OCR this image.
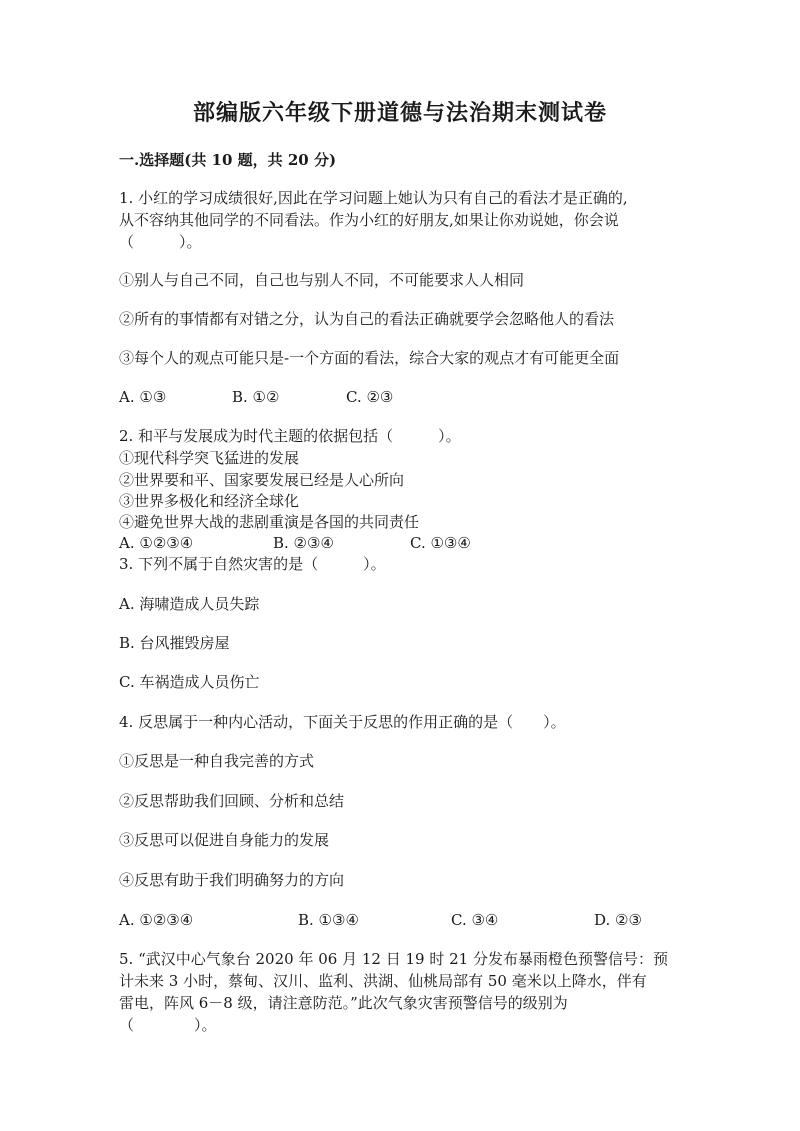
部编版六年级下册道德与法治期末测试卷
一.选择题(共 10 题，共 20 分)
1. 小红的学习成绩很好,因此在学习问题上她认为只有自己的看法才是正确的,
从不容纳其他同学的不同看法。作为小红的好朋友,如果让你劝说她，你会说
（　　　）。
①别人与自己不同，自己也与别人不同，不可能要求人人相同
②所有的事情都有对错之分，认为自己的看法正确就要学会忽略他人的看法
③每个人的观点可能只是-一个方面的看法，综合大家的观点才有可能更全面
A. ①③	B. ①②	C. ②③
2. 和平与发展成为时代主题的依据包括（　　　）。
①现代科学突飞猛进的发展
②世界要和平、国家要发展已经是人心所向
③世界多极化和经济全球化
④避免世界大战的悲剧重演是各国的共同责任
A. ①②③④	B. ②③④	C. ①③④
3. 下列不属于自然灾害的是（　　　）。
A. 海啸造成人员失踪
B. 台风摧毁房屋
C. 车祸造成人员伤亡
4. 反思属于一种内心活动，下面关于反思的作用正确的是（　　）。
①反思是一种自我完善的方式
②反思帮助我们回顾、分析和总结
③反思可以促进自身能力的发展
④反思有助于我们明确努力的方向
A. ①②③④	B. ①③④	C. ③④	D. ②③
5. “武汉中心气象台 2020 年 06 月 12 日 19 时 21 分发布暴雨橙色预警信号：预
计未来 3 小时，蔡甸、汉川、监利、洪湖、仙桃局部有 50 毫米以上降水，伴有
雷电，阵风 6－8 级，请注意防范。”此次气象灾害预警信号的级别为
（　　　　）。
